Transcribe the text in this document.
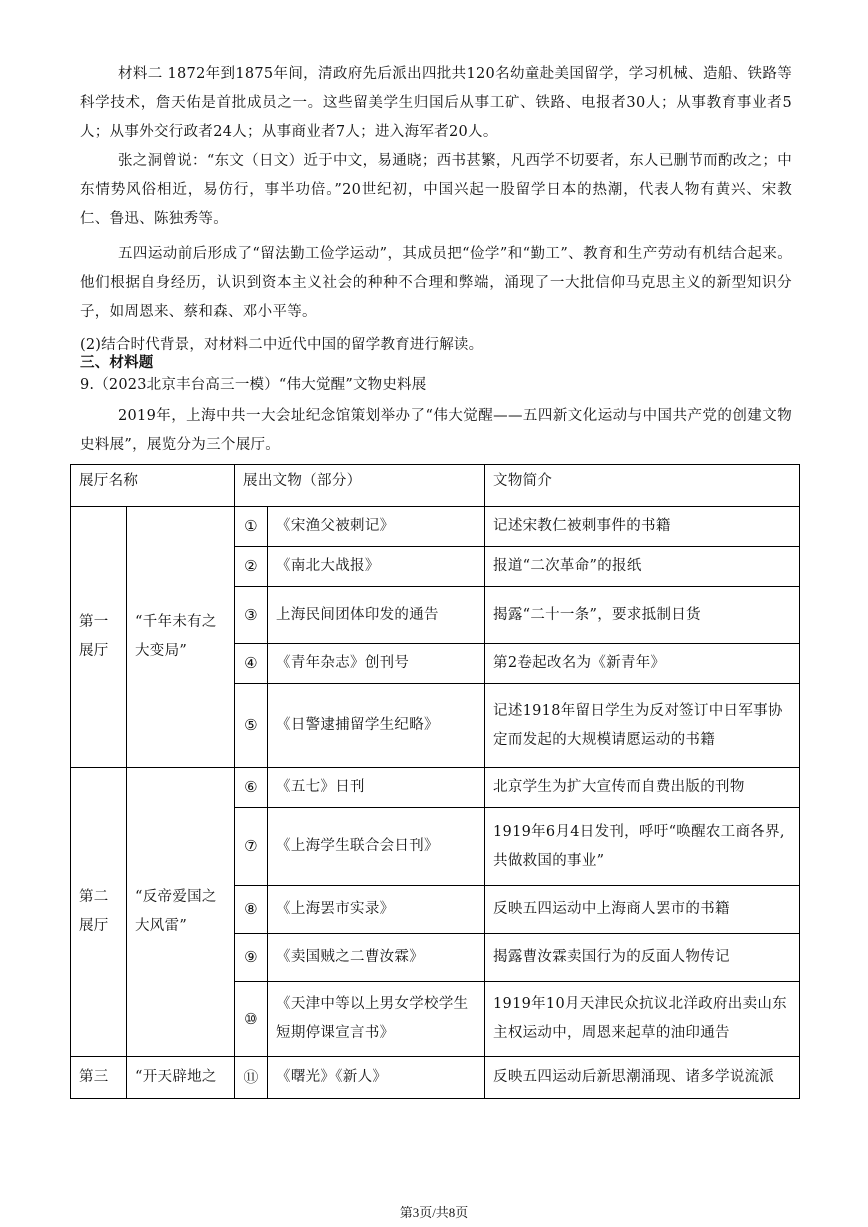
材料二 1872年到1875年间，清政府先后派出四批共120名幼童赴美国留学，学习机械、造船、铁路等科学技术，詹天佑是首批成员之一。这些留美学生归国后从事工矿、铁路、电报者30人；从事教育事业者5人；从事外交行政者24人；从事商业者7人；进入海军者20人。
张之洞曾说：“东文（日文）近于中文，易通晓；西书甚繁，凡西学不切要者，东人已删节而酌改之；中东情势风俗相近，易仿行，事半功倍。”20世纪初，中国兴起一股留学日本的热潮，代表人物有黄兴、宋教仁、鲁迅、陈独秀等。
五四运动前后形成了“留法勤工俭学运动”，其成员把“俭学”和“勤工”、教育和生产劳动有机结合起来。他们根据自身经历，认识到资本主义社会的种种不合理和弊端，涌现了一大批信仰马克思主义的新型知识分子，如周恩来、蔡和森、邓小平等。
(2)结合时代背景，对材料二中近代中国的留学教育进行解读。
三、材料题
9.（2023北京丰台高三一模）“伟大觉醒”文物史料展
2019年，上海中共一大会址纪念馆策划举办了“伟大觉醒——五四新文化运动与中国共产党的创建文物史料展”，展览分为三个展厅。
展厅名称		展出文物（部分）		文物简介
第一展厅	“千年未有之大变局”	①	《宋渔父被刺记》	记述宋教仁被刺事件的书籍
		②	《南北大战报》	报道“二次革命”的报纸
		③	上海民间团体印发的通告	揭露“二十一条”，要求抵制日货
		④	《青年杂志》创刊号	第2卷起改名为《新青年》
		⑤	《日警逮捕留学生纪略》	记述1918年留日学生为反对签订中日军事协定而发起的大规模请愿运动的书籍
第二展厅	“反帝爱国之大风雷”	⑥	《五七》日刊	北京学生为扩大宣传而自费出版的刊物
		⑦	《上海学生联合会日刊》	1919年6月4日发刊，呼吁“唤醒农工商各界,共做救国的事业”
		⑧	《上海罢市实录》	反映五四运动中上海商人罢市的书籍
		⑨	《卖国贼之二曹汝霖》	揭露曹汝霖卖国行为的反面人物传记
		⑩	《天津中等以上男女学校学生短期停课宣言书》	1919年10月天津民众抗议北洋政府出卖山东主权运动中，周恩来起草的油印通告
第三	“开天辟地之	⑪	《曙光》《新人》	反映五四运动后新思潮涌现、诸多学说流派
第3页/共8页
